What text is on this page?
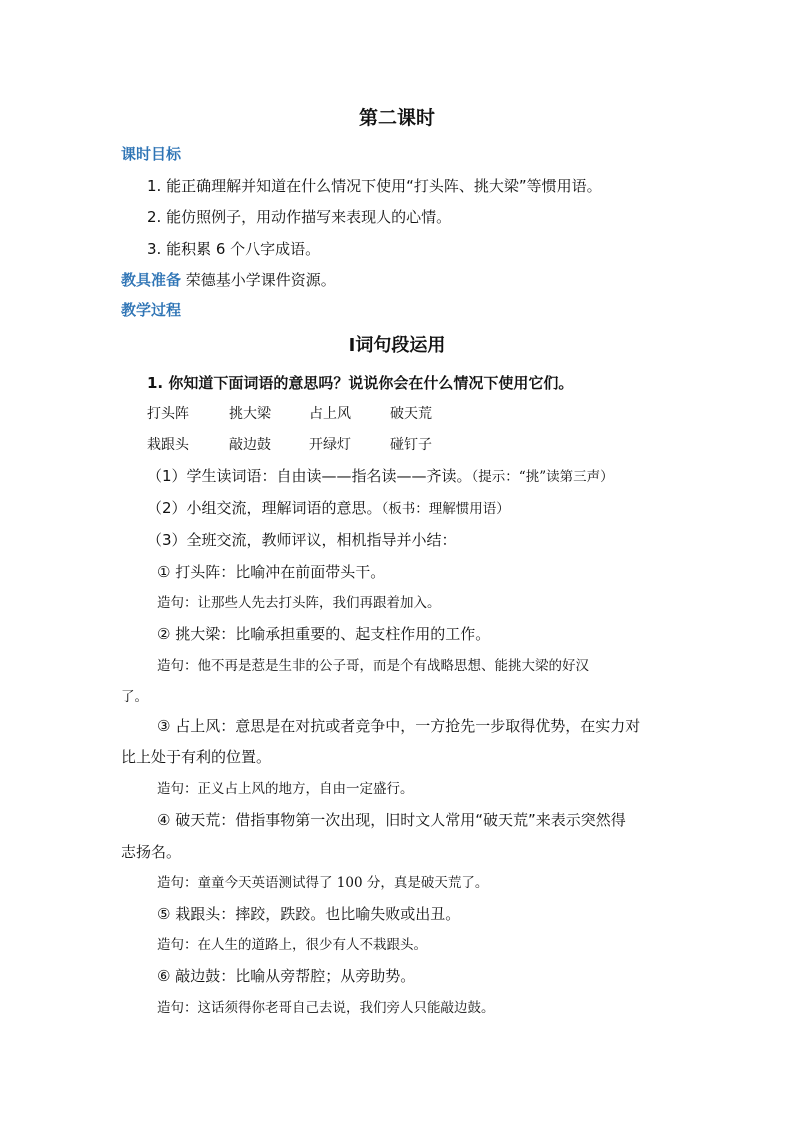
第二课时
课时目标
1. 能正确理解并知道在什么情况下使用“打头阵、挑大梁”等惯用语。
2. 能仿照例子，用动作描写来表现人的心情。
3. 能积累 6 个八字成语。
教具准备 荣德基小学课件资源。
教学过程
Ⅰ词句段运用
1. 你知道下面词语的意思吗？说说你会在什么情况下使用它们。
打头阵	挑大梁	占上风	破天荒
栽跟头	敲边鼓	开绿灯	碰钉子
（1）学生读词语：自由读——指名读——齐读。（提示：“挑”读第三声）
（2）小组交流，理解词语的意思。（板书：理解惯用语）
（3）全班交流，教师评议，相机指导并小结：
① 打头阵：比喻冲在前面带头干。
造句：让那些人先去打头阵，我们再跟着加入。
② 挑大梁：比喻承担重要的、起支柱作用的工作。
造句：他不再是惹是生非的公子哥，而是个有战略思想、能挑大梁的好汉
了。
③ 占上风：意思是在对抗或者竞争中，一方抢先一步取得优势，在实力对
比上处于有利的位置。
造句：正义占上风的地方，自由一定盛行。
④ 破天荒：借指事物第一次出现，旧时文人常用“破天荒”来表示突然得
志扬名。
造句：童童今天英语测试得了 100 分，真是破天荒了。
⑤ 栽跟头：摔跤，跌跤。也比喻失败或出丑。
造句：在人生的道路上，很少有人不栽跟头。
⑥ 敲边鼓：比喻从旁帮腔；从旁助势。
造句：这话须得你老哥自己去说，我们旁人只能敲边鼓。
